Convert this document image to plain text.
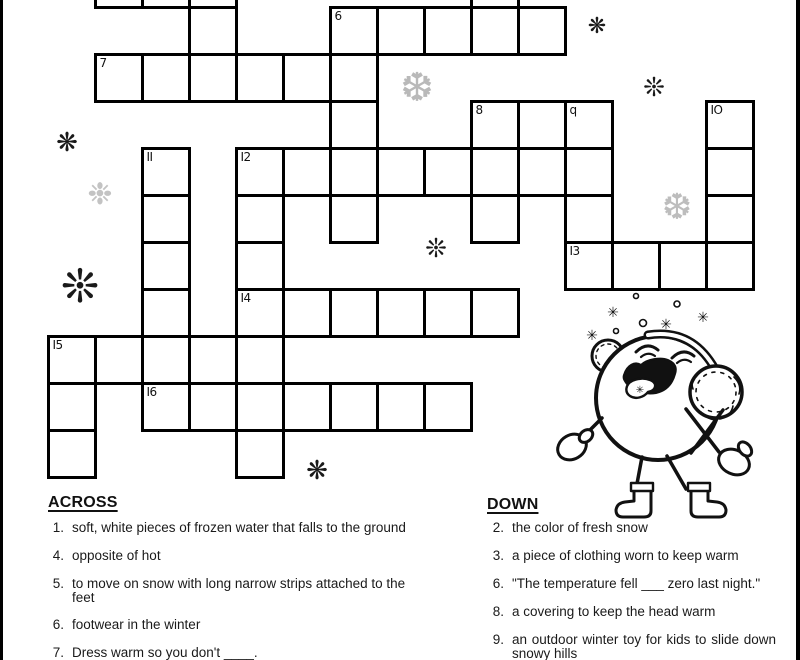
6
7
8	q	IO
II	I2
I3
I4
I5
I6
❋
❊
❆
❋
❉	❆
❊
❊
❋
✳
✳
✳ ✳
✳
ACROSS	DOWN
1. soft, white pieces of frozen water that falls to the ground
4. opposite of hot
5. to move on snow with long narrow strips attached to the feet
6. footwear in the winter
7. Dress warm so you don't ____.
2. the color of fresh snow
3. a piece of clothing worn to keep warm
6. "The temperature fell ___ zero last night."
8. a covering to keep the head warm
9. an outdoor winter toy for kids to slide down snowy hills
